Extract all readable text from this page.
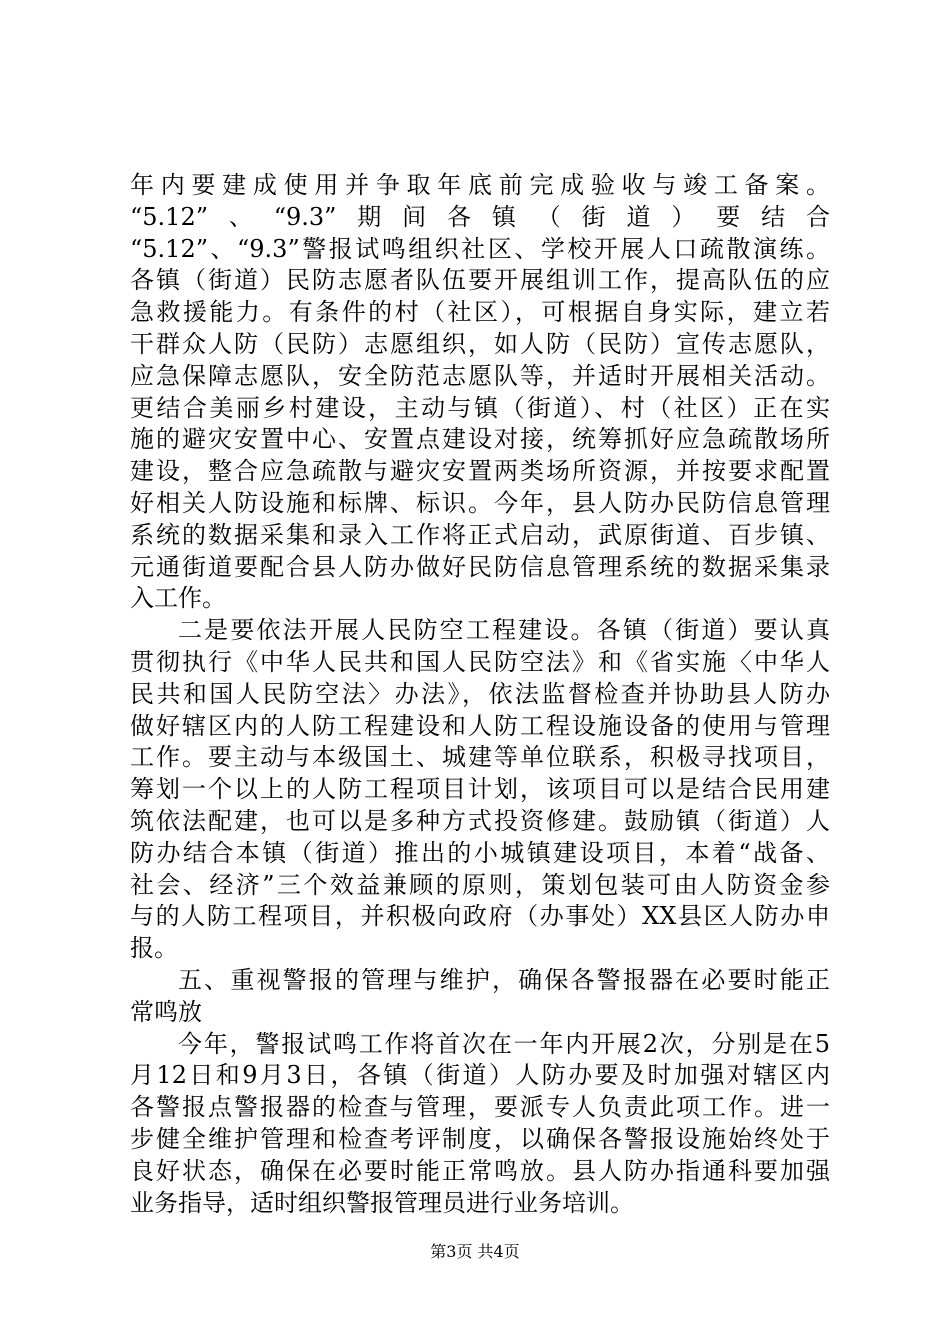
年内要建成使用并争取年底前完成验收与竣工备案。
“5.12”、“9.3”期间各镇（街道）要结合
“5.12”、“9.3”警报试鸣组织社区、学校开展人口疏散演练。
各镇（街道）民防志愿者队伍要开展组训工作，提高队伍的应
急救援能力。有条件的村（社区），可根据自身实际，建立若
干群众人防（民防）志愿组织，如人防（民防）宣传志愿队，
应急保障志愿队，安全防范志愿队等，并适时开展相关活动。
更结合美丽乡村建设，主动与镇（街道）、村（社区）正在实
施的避灾安置中心、安置点建设对接，统筹抓好应急疏散场所
建设，整合应急疏散与避灾安置两类场所资源，并按要求配置
好相关人防设施和标牌、标识。今年，县人防办民防信息管理
系统的数据采集和录入工作将正式启动，武原街道、百步镇、
元通街道要配合县人防办做好民防信息管理系统的数据采集录
入工作。
二是要依法开展人民防空工程建设。各镇（街道）要认真
贯彻执行《中华人民共和国人民防空法》和《省实施〈中华人
民共和国人民防空法〉办法》，依法监督检查并协助县人防办
做好辖区内的人防工程建设和人防工程设施设备的使用与管理
工作。要主动与本级国土、城建等单位联系，积极寻找项目，
筹划一个以上的人防工程项目计划，该项目可以是结合民用建
筑依法配建，也可以是多种方式投资修建。鼓励镇（街道）人
防办结合本镇（街道）推出的小城镇建设项目，本着“战备、
社会、经济”三个效益兼顾的原则，策划包装可由人防资金参
与的人防工程项目，并积极向政府（办事处）XX县区人防办申
报。
五、重视警报的管理与维护，确保各警报器在必要时能正
常鸣放
今年，警报试鸣工作将首次在一年内开展2次，分别是在5
月12日和9月3日，各镇（街道）人防办要及时加强对辖区内
各警报点警报器的检查与管理，要派专人负责此项工作。进一
步健全维护管理和检查考评制度，以确保各警报设施始终处于
良好状态，确保在必要时能正常鸣放。县人防办指通科要加强
业务指导，适时组织警报管理员进行业务培训。
第3页 共4页
